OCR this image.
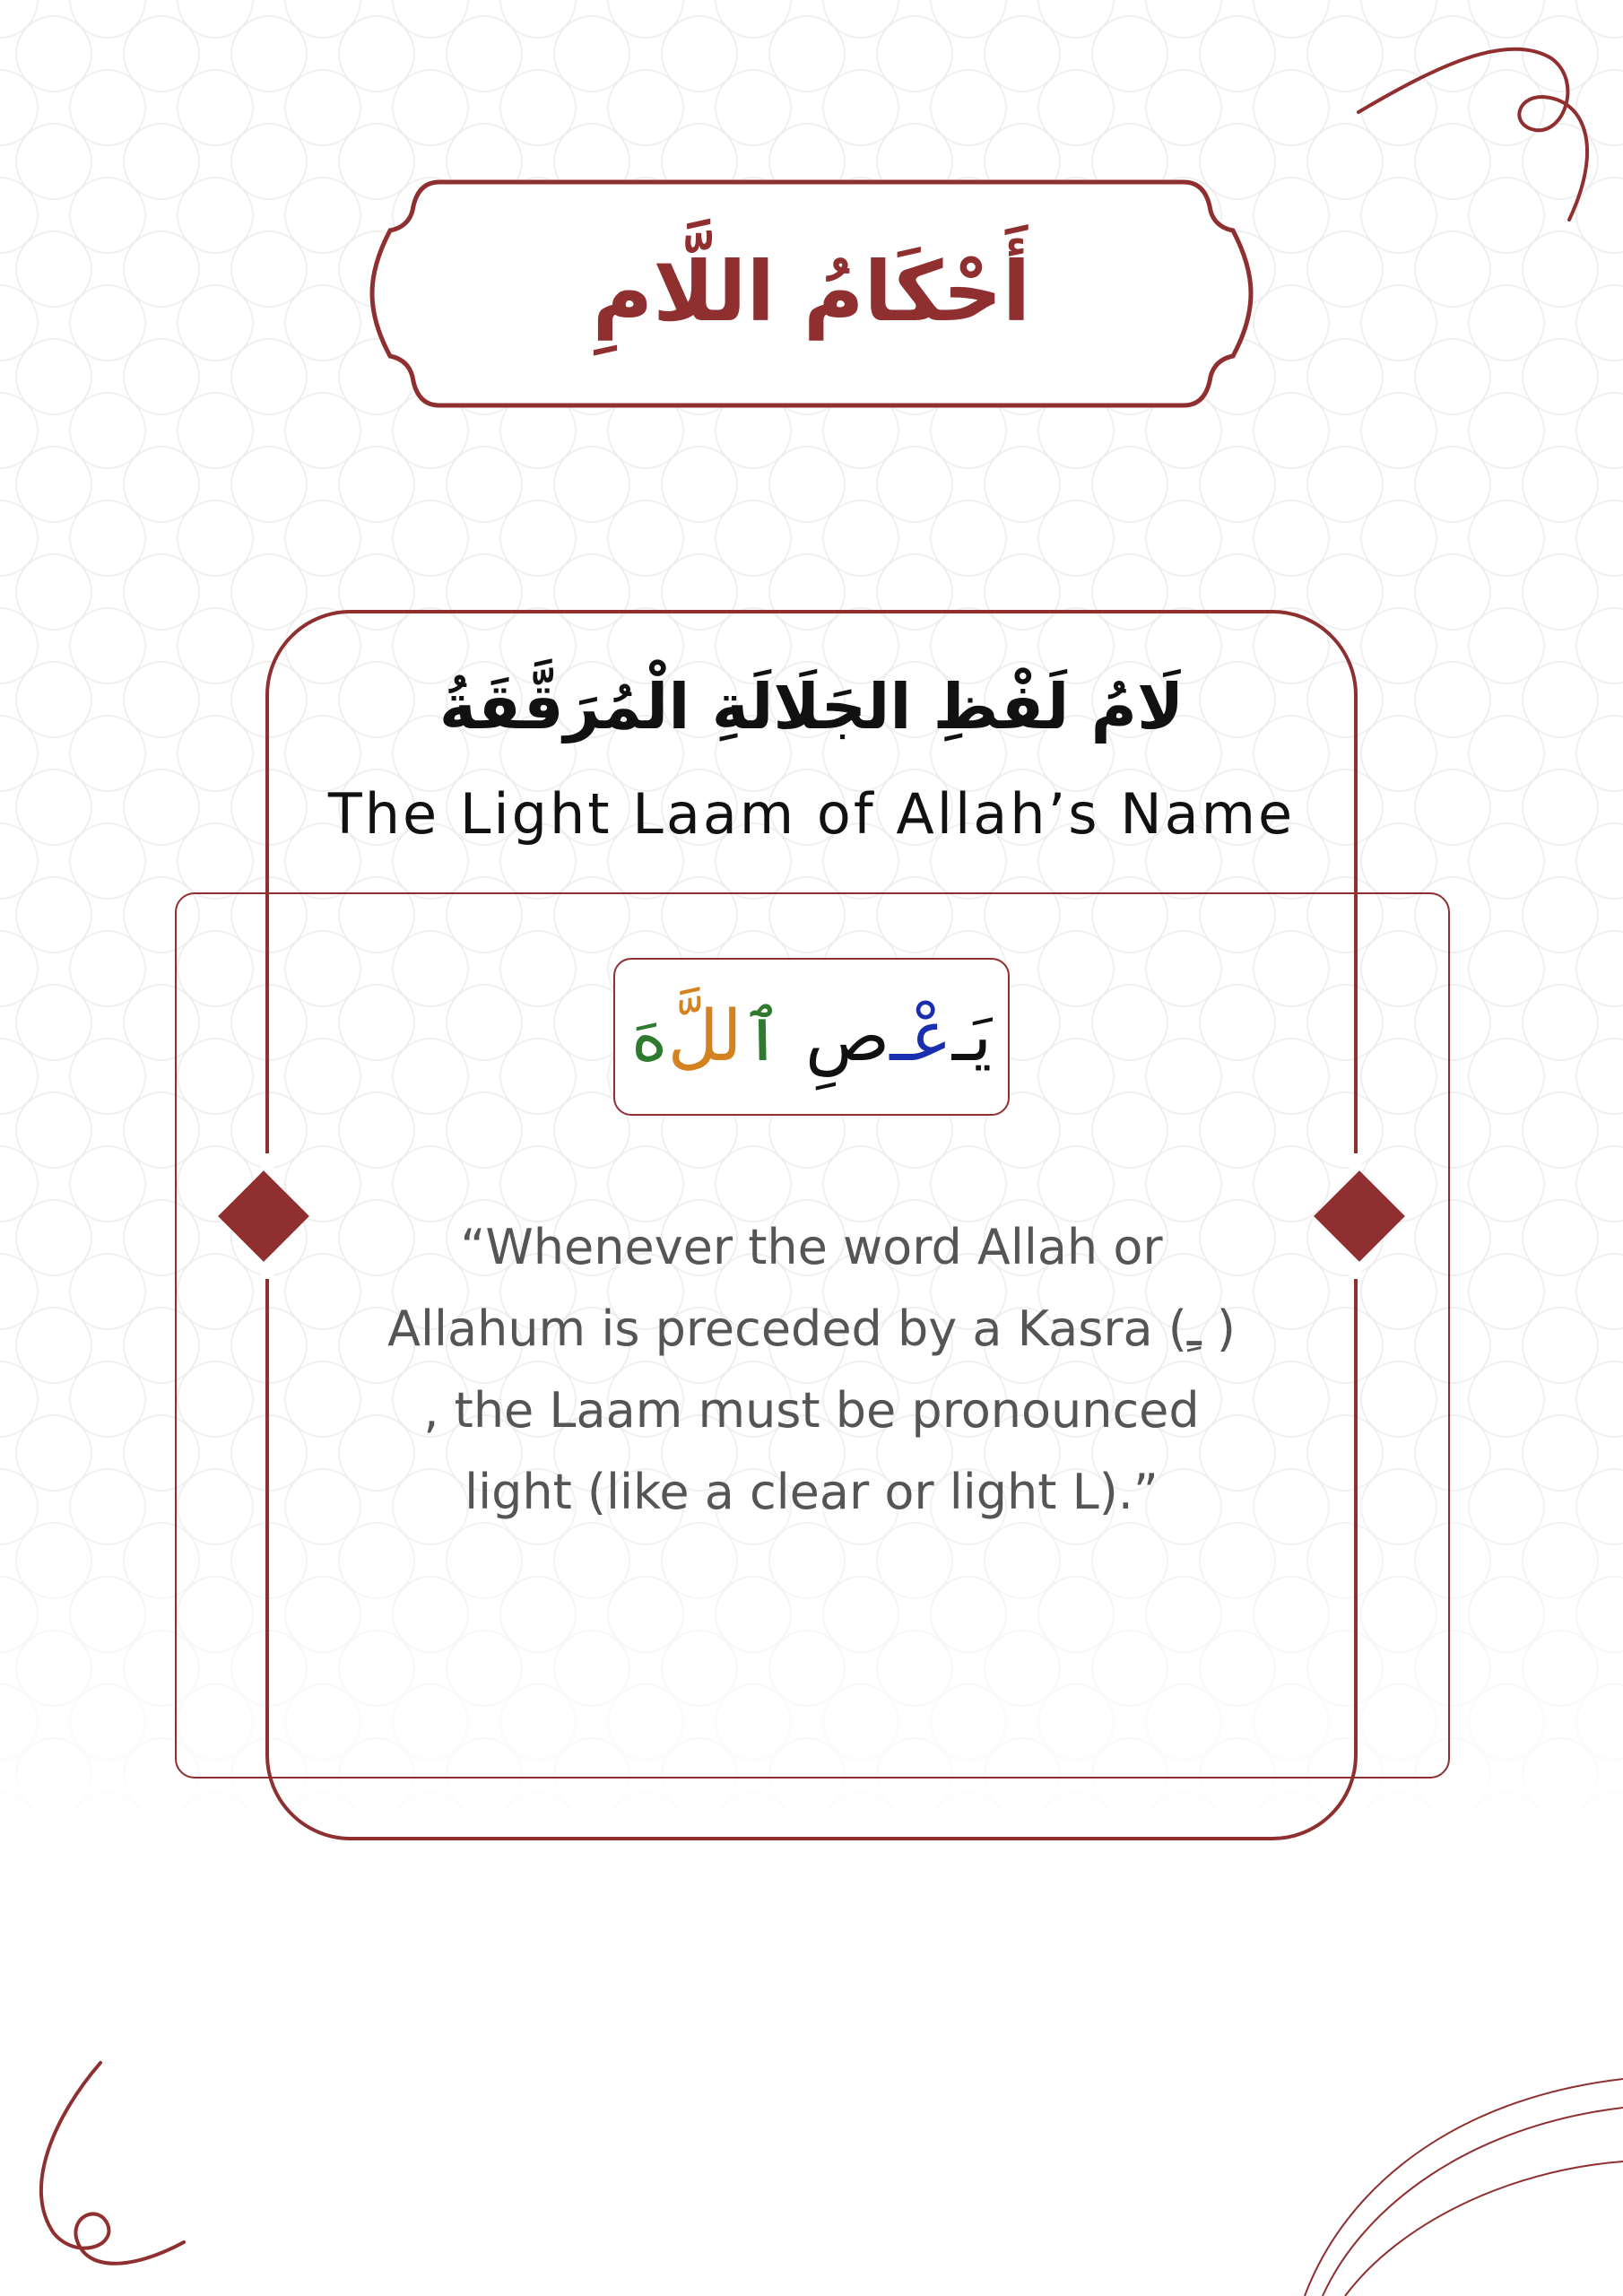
أَحْكَامُ اللَّامِ
لَامُ لَفْظِ الجَلَالَةِ الْمُرَقَّقَةُ
The Light Laam of Allah’s Name
يَـ
عْـ
صِ

ٱ
للَّ
هَ
“Whenever the word Allah or
Allahum is preceded by a Kasra (ـِ )
, the Laam must be pronounced
light (like a clear or light L).”
